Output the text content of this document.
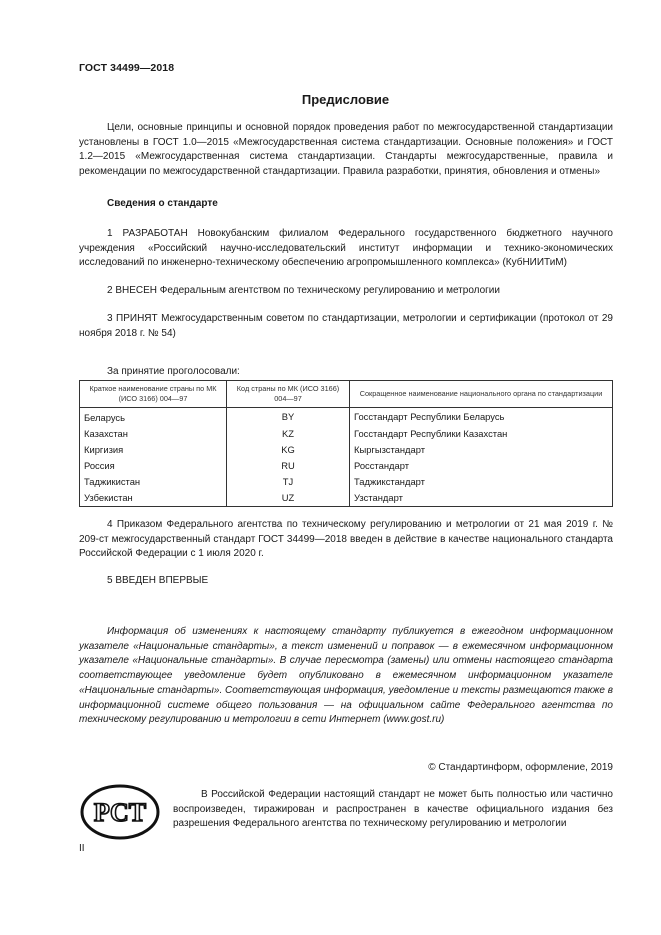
ГОСТ 34499—2018
Предисловие
Цели, основные принципы и основной порядок проведения работ по межгосударственной стандартизации установлены в ГОСТ 1.0—2015 «Межгосударственная система стандартизации. Основные положения» и ГОСТ 1.2—2015 «Межгосударственная система стандартизации. Стандарты межгосударственные, правила и рекомендации по межгосударственной стандартизации. Правила разработки, принятия, обновления и отмены»
Сведения о стандарте
1 РАЗРАБОТАН Новокубанским филиалом Федерального государственного бюджетного научного учреждения «Российский научно-исследовательский институт информации и технико-экономических исследований по инженерно-техническому обеспечению агропромышленного комплекса» (КубНИИТиМ)
2 ВНЕСЕН Федеральным агентством по техническому регулированию и метрологии
3 ПРИНЯТ Межгосударственным советом по стандартизации, метрологии и сертификации (протокол от 29 ноября 2018 г. № 54)
За принятие проголосовали:
Краткое наименование страны по МК (ИСО 3166) 004—97	Код страны по МК (ИСО 3166) 004—97	Сокращенное наименование национального органа по стандартизации
Беларусь	BY	Госстандарт Республики Беларусь
Казахстан	KZ	Госстандарт Республики Казахстан
Киргизия	KG	Кыргызстандарт
Россия	RU	Росстандарт
Таджикистан	TJ	Таджикстандарт
Узбекистан	UZ	Узстандарт
4 Приказом Федерального агентства по техническому регулированию и метрологии от 21 мая 2019 г. № 209-ст межгосударственный стандарт ГОСТ 34499—2018 введен в действие в качестве национального стандарта Российской Федерации с 1 июля 2020 г.
5 ВВЕДЕН ВПЕРВЫЕ
Информация об изменениях к настоящему стандарту публикуется в ежегодном информационном указателе «Национальные стандарты», а текст изменений и поправок — в ежемесячном информационном указателе «Национальные стандарты». В случае пересмотра (замены) или отмены настоящего стандарта соответствующее уведомление будет опубликовано в ежемесячном информационном указателе «Национальные стандарты». Соответствующая информация, уведомление и тексты размещаются также в информационной системе общего пользования — на официальном сайте Федерального агентства по техническому регулированию и метрологии в сети Интернет (www.gost.ru)
© Стандартинформ, оформление, 2019
РСТ
В Российской Федерации настоящий стандарт не может быть полностью или частично воспроизведен, тиражирован и распространен в качестве официального издания без разрешения Федерального агентства по техническому регулированию и метрологии
II
